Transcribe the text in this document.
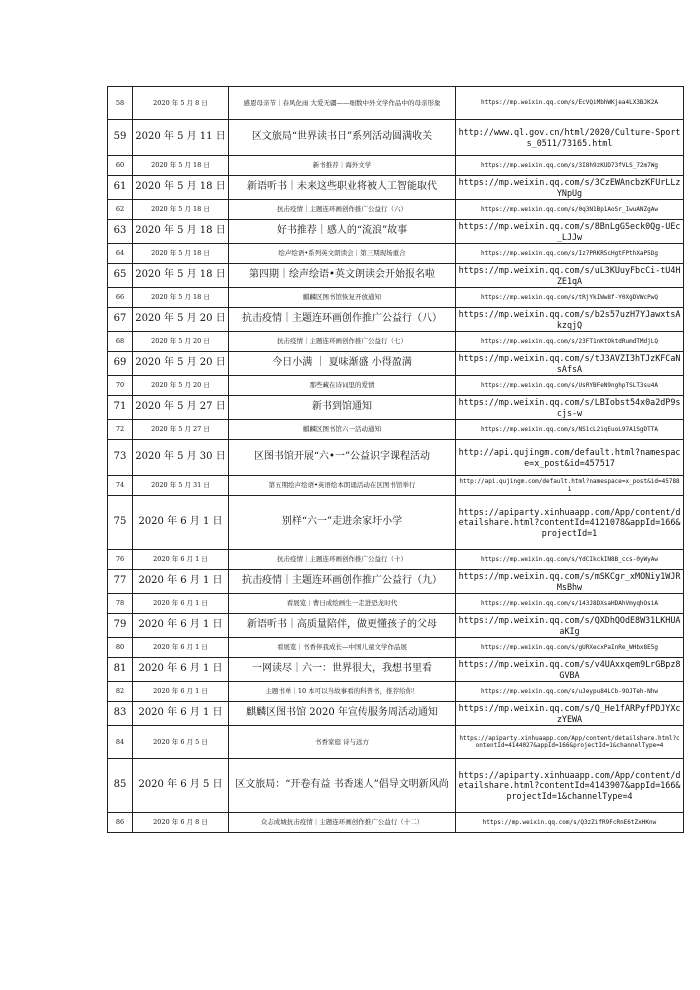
58	2020 年 5 月 8 日	感恩母亲节｜春风化雨 大爱无疆——细数中外文学作品中的母亲形象	https://mp.weixin.qq.com/s/EcVQiMbhWKjea4LX3BJK2A
59	2020 年 5 月 11 日	区文旅局“世界读书日”系列活动圆满收关	http://www.ql.gov.cn/html/2020/Culture-Sports_0511/73165.html
60	2020 年 5 月 18 日	新书推荐｜海外文学	https://mp.weixin.qq.com/s/3I8h9zKUD73fVLS_72m7Wg
61	2020 年 5 月 18 日	新语听书｜未来这些职业将被人工智能取代	https://mp.weixin.qq.com/s/3CzEWAncbzKFUrLLzYNpUg
62	2020 年 5 月 18 日	抗击疫情｜主题连环画创作推广公益行（六）	https://mp.weixin.qq.com/s/0q3N1Bp1AoSr_IwuANZgAw
63	2020 年 5 月 18 日	好书推荐｜感人的“流浪”故事	https://mp.weixin.qq.com/s/8BnLgGSeck0Qg-UEc_LJJw
64	2020 年 5 月 18 日	绘声绘语•系列英文朗读会｜第三期现场重合	https://mp.weixin.qq.com/s/Iz7PRKR5cHgtFPthXaP5Dg
65	2020 年 5 月 18 日	第四期｜绘声绘语•英文朗读会开始报名啦	https://mp.weixin.qq.com/s/uL3KUuyFbcCi-tU4HZE1qA
66	2020 年 5 月 18 日	麒麟区图书馆恢复开放通知	https://mp.weixin.qq.com/s/tRjYkIWw8f-Y0XgDVWcPwQ
67	2020 年 5 月 20 日	抗击疫情｜主题连环画创作推广公益行（八）	https://mp.weixin.qq.com/s/b2s57uzH7YJawxtsAkzqjQ
68	2020 年 5 月 20 日	抗击疫情｜主题连环画创作推广公益行（七）	https://mp.weixin.qq.com/s/23FT1nKtOktdRumdTMdjLQ
69	2020 年 5 月 20 日	今日小满 ｜ 夏味渐盛 小得盈满	https://mp.weixin.qq.com/s/tJ3AVZI3hTJzKFCaNsAfsA
70	2020 年 5 月 20 日	那些藏在诗词里的爱情	https://mp.weixin.qq.com/s/UsRYBFeN9nghpTSLT3su4A
71	2020 年 5 月 27 日	新书到馆通知	https://mp.weixin.qq.com/s/LBIobst54x0a2dP9scjs-w
72	2020 年 5 月 27 日	麒麟区图书馆六一活动通知	https://mp.weixin.qq.com/s/NS1cL2iqEuoL97A1SgDTTA
73	2020 年 5 月 30 日	区图书馆开展“六•一”公益识字课程活动	http://api.qujingm.com/default.html?namespace=x_post&id=457517
74	2020 年 5 月 31 日	第五期绘声绘语•英语绘本朗诵活动在区图书馆举行	http://api.qujingm.com/default.html?namespace=x_post&id=457881
75	2020 年 6 月 1 日	别样“六一”走进余家圩小学	https://apiparty.xinhuaapp.com/App/content/detailshare.html?contentId=4121078&appId=166&projectId=1
76	2020 年 6 月 1 日	抗击疫情｜主题连环画创作推广公益行（十）	https://mp.weixin.qq.com/s/YdCIkckIN8B_ccs-0yWyAw
77	2020 年 6 月 1 日	抗击疫情｜主题连环画创作推广公益行（九）	https://mp.weixin.qq.com/s/mSKCgr_xMONiy1WJRMsBhw
78	2020 年 6 月 1 日	看展览｜曹日成绘画生一走进恐龙时代	https://mp.weixin.qq.com/s/143J8DXsaHDAhVmyqhOsiA
79	2020 年 6 月 1 日	新语听书｜高质量陪伴，做更懂孩子的父母	https://mp.weixin.qq.com/s/QXDhQOdE8W31LKHUAaKIg
80	2020 年 6 月 1 日	看展览｜书香伴我成长—中国儿童文学作品展	https://mp.weixin.qq.com/s/gURXecxPaInRe_WHbx8E5g
81	2020 年 6 月 1 日	一网读尽｜六一：世界很大，我想书里看	https://mp.weixin.qq.com/s/v4UAxxqem9LrGBpz8GVBA
82	2020 年 6 月 1 日	主题书单｜10 本可以当故事看的科普书，推荐给你！	https://mp.weixin.qq.com/s/uJeypu84LCb-9OJTeh-Nhw
83	2020 年 6 月 1 日	麒麟区图书馆 2020 年宣传服务周活动通知	https://mp.weixin.qq.com/s/Q_He1fARPyfPDJYXczYEWA
84	2020 年 6 月 5 日	书香家庭 诗与远方	https://apiparty.xinhuaapp.com/App/content/detailshare.html?contentId=4144027&appId=166&projectId=1&channelType=4
85	2020 年 6 月 5 日	区文旅局：“开卷有益 书香迷人”倡导文明新风尚	https://apiparty.xinhuaapp.com/App/content/detailshare.html?contentId=4143907&appId=166&projectId=1&channelType=4
86	2020 年 6 月 8 日	众志成城抗击疫情｜主题连环画创作推广公益行（十二）	https://mp.weixin.qq.com/s/Q3zZifR9FcRnE6tZxHKnw
